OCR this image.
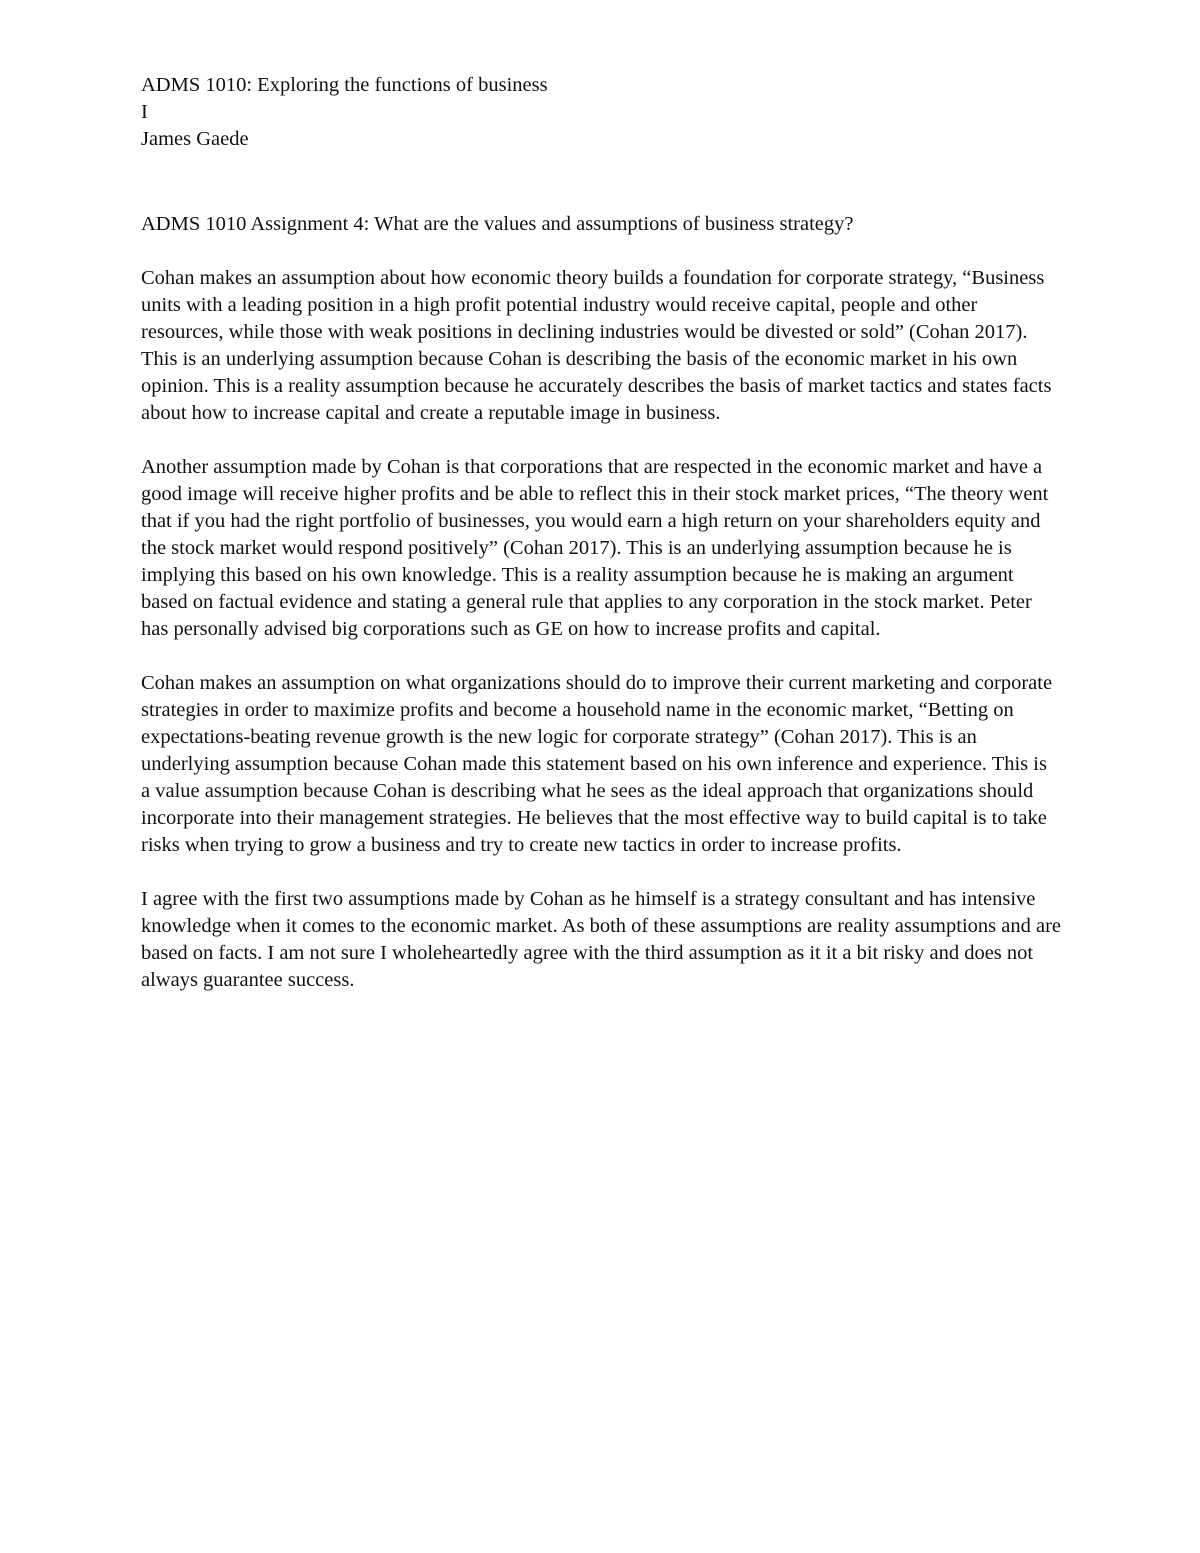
ADMS 1010: Exploring the functions of business

I

James Gaede

ADMS 1010 Assignment 4: What are the values and assumptions of business strategy?

Cohan makes an assumption about how economic theory builds a foundation for corporate strategy, “Business units with a leading position in a high profit potential industry would receive capital, people and other resources, while those with weak positions in declining industries would be divested or sold” (Cohan 2017). This is an underlying assumption because Cohan is describing the basis of the economic market in his own opinion. This is a reality assumption because he accurately describes the basis of market tactics and states facts about how to increase capital and create a reputable image in business.

Another assumption made by Cohan is that corporations that are respected in the economic market and have a good image will receive higher profits and be able to reflect this in their stock market prices, “The theory went that if you had the right portfolio of businesses, you would earn a high return on your shareholders equity and the stock market would respond positively” (Cohan 2017). This is an underlying assumption because he is implying this based on his own knowledge. This is a reality assumption because he is making an argument based on factual evidence and stating a general rule that applies to any corporation in the stock market. Peter has personally advised big corporations such as GE on how to increase profits and capital.

Cohan makes an assumption on what organizations should do to improve their current marketing and corporate strategies in order to maximize profits and become a household name in the economic market, “Betting on expectations-beating revenue growth is the new logic for corporate strategy” (Cohan 2017). This is an underlying assumption because Cohan made this statement based on his own inference and experience. This is a value assumption because Cohan is describing what he sees as the ideal approach that organizations should incorporate into their management strategies. He believes that the most effective way to build capital is to take risks when trying to grow a business and try to create new tactics in order to increase profits.

I agree with the first two assumptions made by Cohan as he himself is a strategy consultant and has intensive knowledge when it comes to the economic market. As both of these assumptions are reality assumptions and are based on facts. I am not sure I wholeheartedly agree with the third assumption as it it a bit risky and does not always guarantee success.
